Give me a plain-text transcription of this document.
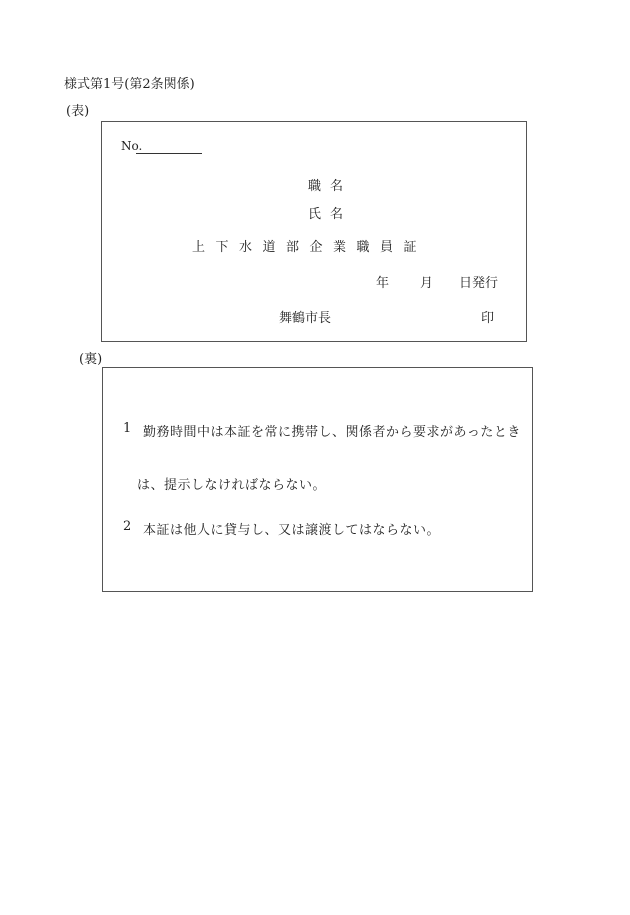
様式第1号(第2条関係)
(表)
No.
職名
氏名
上下水道部企業職員証
年 月 日発行
舞鶴市長	印
(裏)
1 勤務時間中は本証を常に携帯し、関係者から要求があったとき
は、提示しなければならない。
2 本証は他人に貸与し、又は譲渡してはならない。
